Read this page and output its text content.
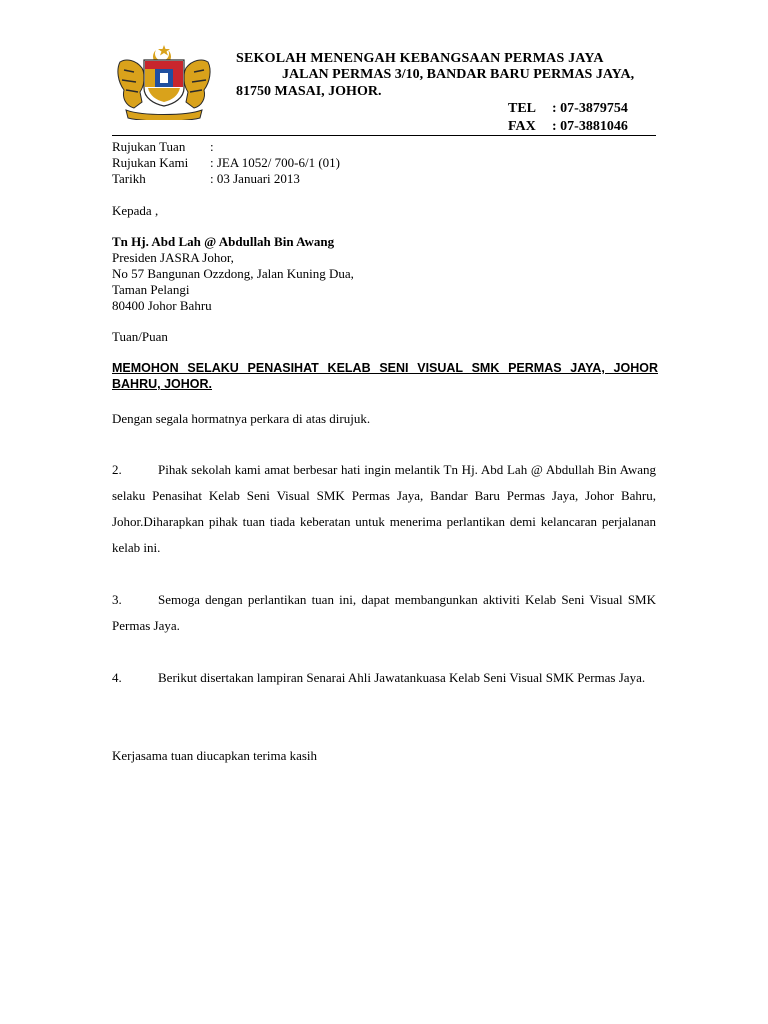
SEKOLAH MENENGAH KEBANGSAAN PERMAS JAYA
JALAN PERMAS 3/10, BANDAR BARU PERMAS JAYA,
81750 MASAI, JOHOR.
TEL : 07-3879754
FAX : 07-3881046
Rujukan Tuan :
Rujukan Kami : JEA 1052/ 700-6/1 (01)
Tarikh	: 03 Januari 2013
Kepada ,
Tn Hj. Abd Lah @ Abdullah Bin Awang
Presiden JASRA Johor,
No 57 Bangunan Ozzdong, Jalan Kuning Dua,
Taman Pelangi
80400 Johor Bahru
Tuan/Puan
MEMOHON SELAKU PENASIHAT KELAB SENI VISUAL SMK PERMAS JAYA, JOHOR BAHRU, JOHOR.
Dengan segala hormatnya perkara di atas dirujuk.
2.	Pihak sekolah kami amat berbesar hati ingin melantik Tn Hj. Abd Lah @ Abdullah Bin Awang selaku Penasihat Kelab Seni Visual SMK Permas Jaya, Bandar Baru Permas Jaya, Johor Bahru, Johor.Diharapkan pihak tuan tiada keberatan untuk menerima perlantikan demi kelancaran perjalanan kelab ini.
3.	Semoga dengan perlantikan tuan ini, dapat membangunkan aktiviti Kelab Seni Visual SMK Permas Jaya.
4.	Berikut disertakan lampiran Senarai Ahli Jawatankuasa Kelab Seni Visual SMK Permas Jaya.
Kerjasama tuan diucapkan terima kasih
